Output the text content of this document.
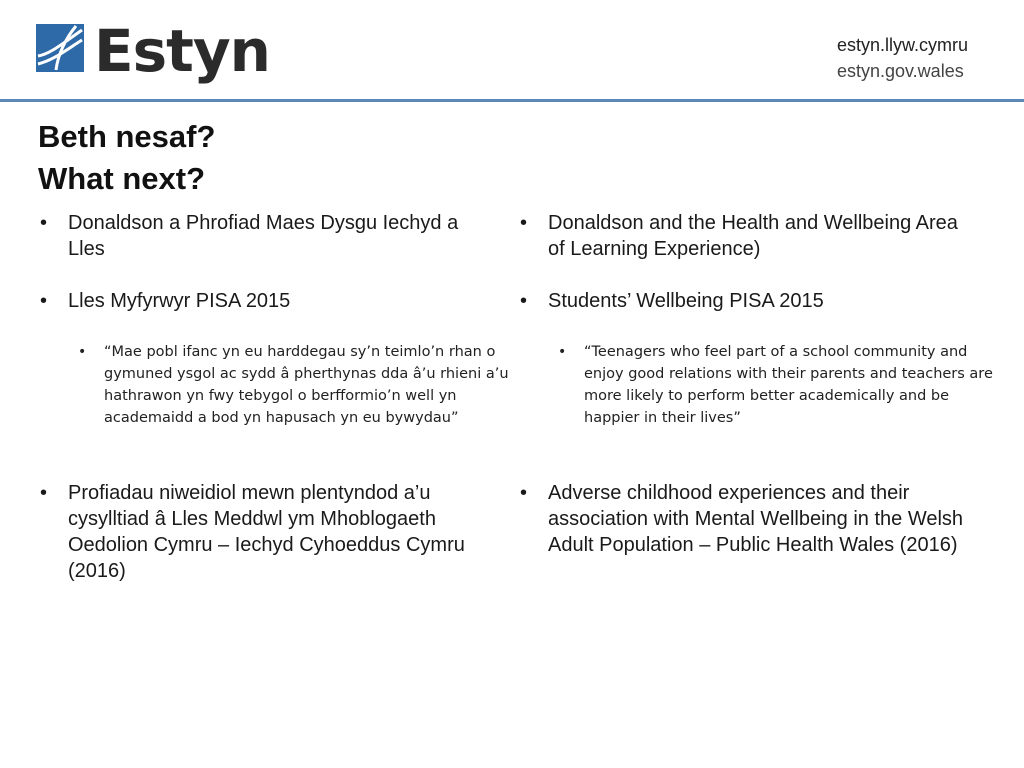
Estyn	estyn.llyw.cymru
estyn.gov.wales
Beth nesaf?
What next?
• Donaldson a Phrofiad Maes Dysgu Iechyd a Lles
• Lles Myfyrwyr PISA 2015
• “Mae pobl ifanc yn eu harddegau sy’n teimlo’n rhan o gymuned ysgol ac sydd â pherthynas dda â’u rhieni a’u hathrawon yn fwy tebygol o berfformio’n well yn academaidd a bod yn hapusach yn eu bywydau”
• Profiadau niweidiol mewn plentyndod a’u cysylltiad â Lles Meddwl ym Mhoblogaeth Oedolion Cymru – Iechyd Cyhoeddus Cymru (2016)
• Donaldson and the Health and Wellbeing Area of Learning Experience)
• Students’ Wellbeing PISA 2015
• “Teenagers who feel part of a school community and enjoy good relations with their parents and teachers are more likely to perform better academically and be happier in their lives”
• Adverse childhood experiences and their association with Mental Wellbeing in the Welsh Adult Population – Public Health Wales (2016)
